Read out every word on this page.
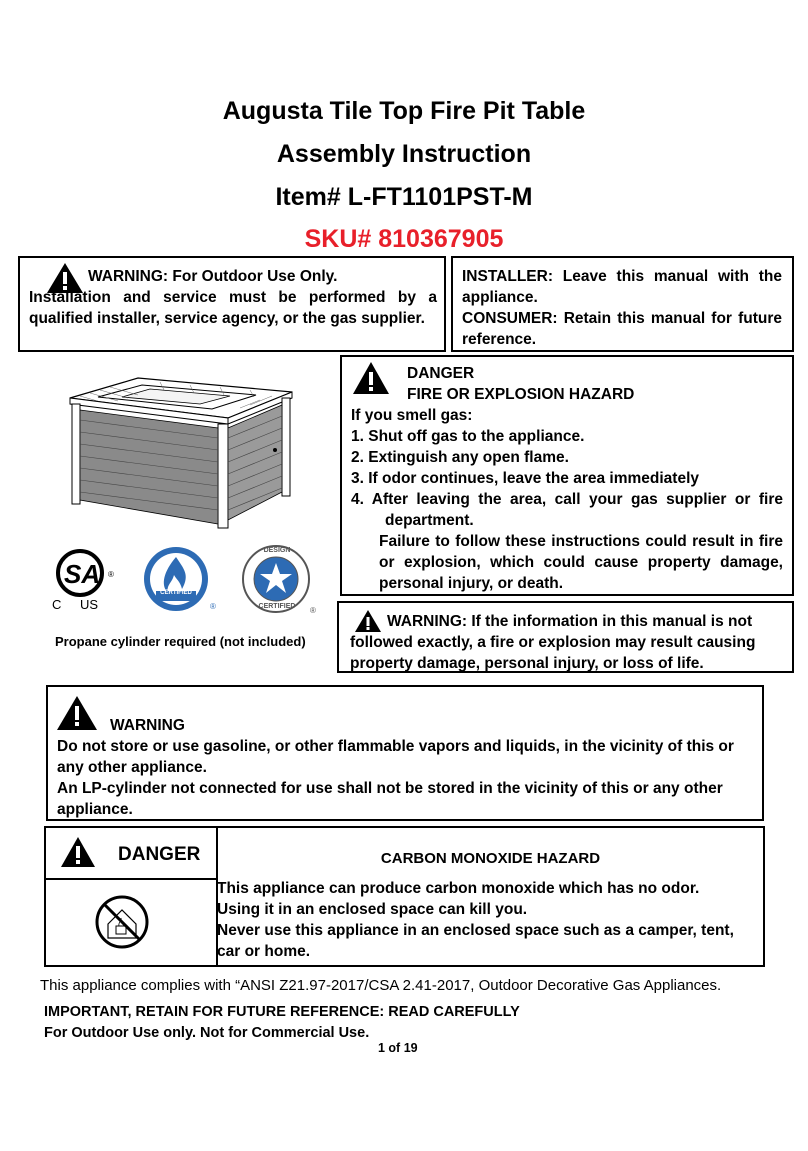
Augusta Tile Top Fire Pit Table
Assembly Instruction
Item# L-FT1101PST-M
SKU# 810367905
WARNING: For Outdoor Use Only.
Installation and service must be performed by a qualified installer, service agency, or the gas supplier.
INSTALLER: Leave this manual with the appliance.
CONSUMER: Retain this manual for future reference.
SA ®
C US	®
CERTIFIED
®
DESIGN
CERTIFIED
Propane cylinder required (not included)
DANGER
FIRE OR EXPLOSION HAZARD
If you smell gas:
1. Shut off gas to the appliance.
2. Extinguish any open flame.
3. If odor continues, leave the area immediately
4. After leaving the area, call your gas supplier or fire
department.
Failure to follow these instructions could result in fire or explosion, which could cause property damage, personal injury, or death.
WARNING: If the information in this manual is not
followed exactly, a fire or explosion may result causing
property damage, personal injury, or loss of life.
WARNING
Do not store or use gasoline, or other flammable vapors and liquids, in the vicinity of this or
any other appliance.
An LP-cylinder not connected for use shall not be stored in the vicinity of this or any other
appliance.
DANGER	CARBON MONOXIDE HAZARD
This appliance can produce carbon monoxide which has no odor.
Using it in an enclosed space can kill you.
Never use this appliance in an enclosed space such as a camper, tent,
car or home.
This appliance complies with “ANSI Z21.97-2017/CSA 2.41-2017, Outdoor Decorative Gas Appliances.
IMPORTANT, RETAIN FOR FUTURE REFERENCE: READ CAREFULLY
For Outdoor Use only. Not for Commercial Use.
1 of 19
